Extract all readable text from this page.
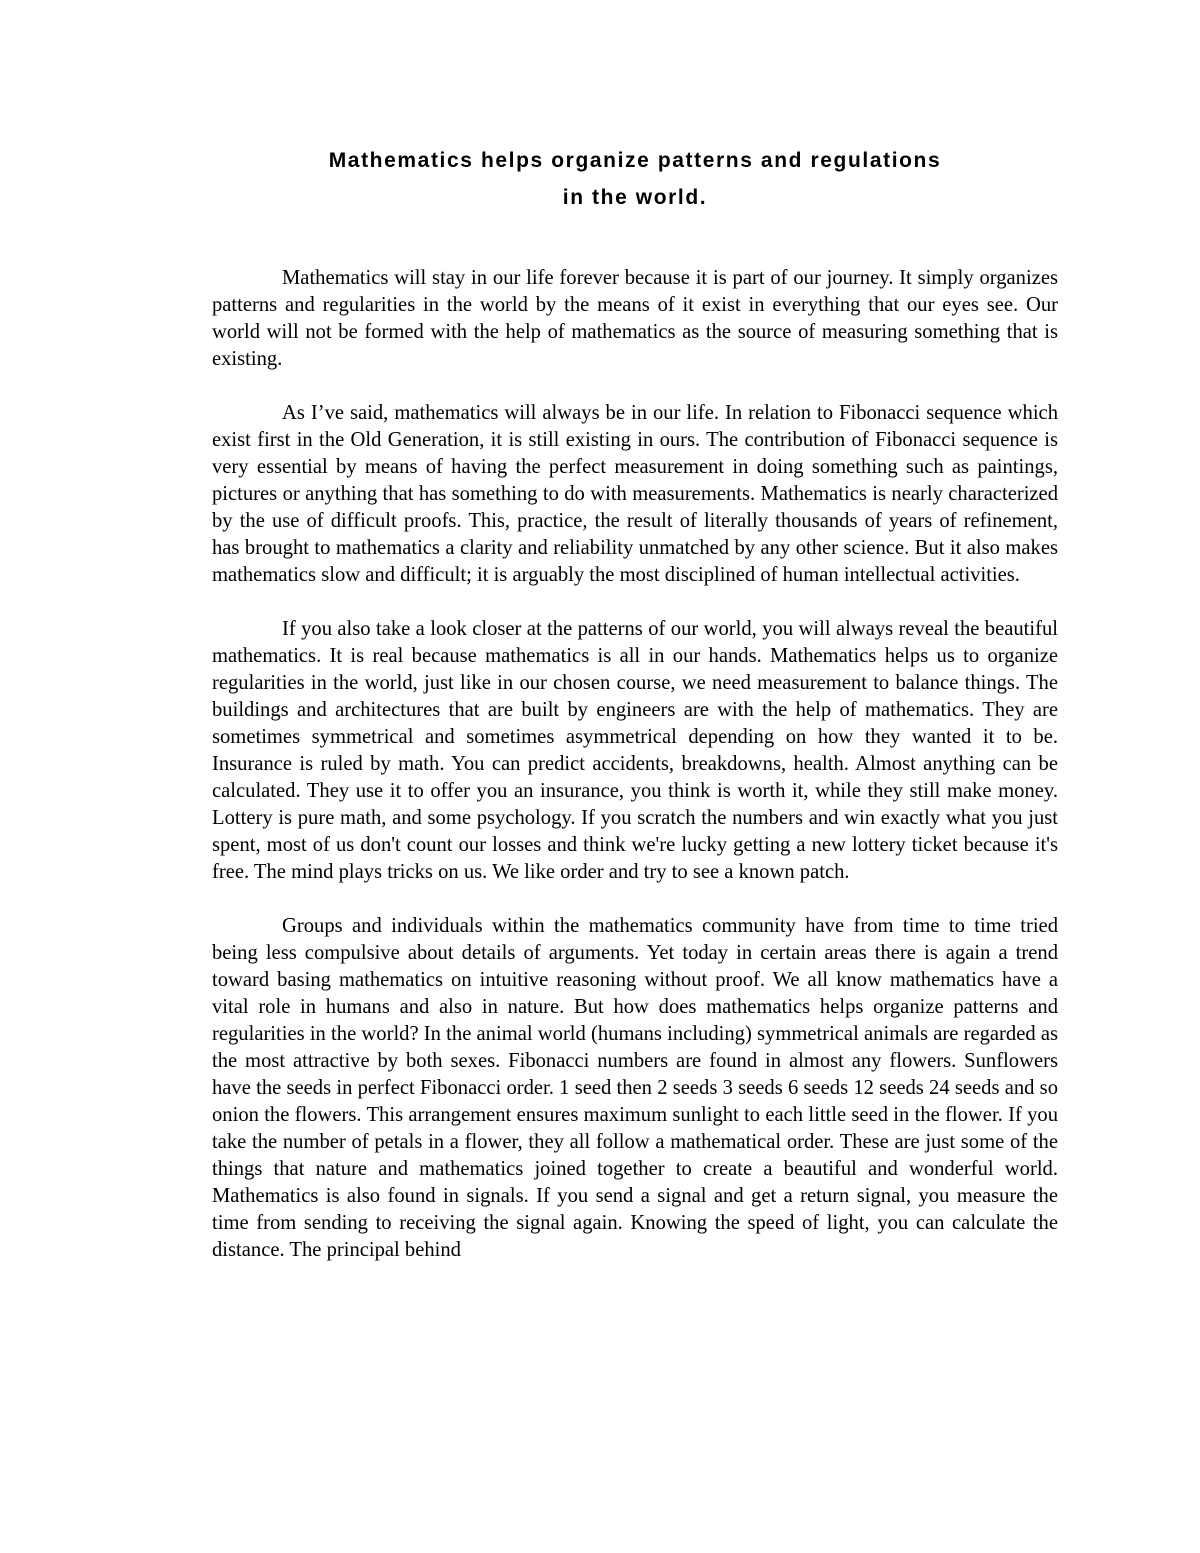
Mathematics helps organize patterns and regulations
in the world.

Mathematics will stay in our life forever because it is part of our journey. It simply organizes patterns and regularities in the world by the means of it exist in everything that our eyes see. Our world will not be formed with the help of mathematics as the source of measuring something that is existing.

As I’ve said, mathematics will always be in our life. In relation to Fibonacci sequence which exist first in the Old Generation, it is still existing in ours. The contribution of Fibonacci sequence is very essential by means of having the perfect measurement in doing something such as paintings, pictures or anything that has something to do with measurements. Mathematics is nearly characterized by the use of difficult proofs. This, practice, the result of literally thousands of years of refinement, has brought to mathematics a clarity and reliability unmatched by any other science. But it also makes mathematics slow and difficult; it is arguably the most disciplined of human intellectual activities.

If you also take a look closer at the patterns of our world, you will always reveal the beautiful mathematics. It is real because mathematics is all in our hands. Mathematics helps us to organize regularities in the world, just like in our chosen course, we need measurement to balance things. The buildings and architectures that are built by engineers are with the help of mathematics. They are sometimes symmetrical and sometimes asymmetrical depending on how they wanted it to be. Insurance is ruled by math. You can predict accidents, breakdowns, health. Almost anything can be calculated. They use it to offer you an insurance, you think is worth it, while they still make money. Lottery is pure math, and some psychology. If you scratch the numbers and win exactly what you just spent, most of us don't count our losses and think we're lucky getting a new lottery ticket because it's free. The mind plays tricks on us. We like order and try to see a known patch.

Groups and individuals within the mathematics community have from time to time tried being less compulsive about details of arguments. Yet today in certain areas there is again a trend toward basing mathematics on intuitive reasoning without proof. We all know mathematics have a vital role in humans and also in nature. But how does mathematics helps organize patterns and regularities in the world? In the animal world (humans including) symmetrical animals are regarded as the most attractive by both sexes. Fibonacci numbers are found in almost any flowers. Sunflowers have the seeds in perfect Fibonacci order. 1 seed then 2 seeds 3 seeds 6 seeds 12 seeds 24 seeds and so onion the flowers. This arrangement ensures maximum sunlight to each little seed in the flower. If you take the number of petals in a flower, they all follow a mathematical order. These are just some of the things that nature and mathematics joined together to create a beautiful and wonderful world. Mathematics is also found in signals. If you send a signal and get a return signal, you measure the time from sending to receiving the signal again. Knowing the speed of light, you can calculate the distance. The principal behind
